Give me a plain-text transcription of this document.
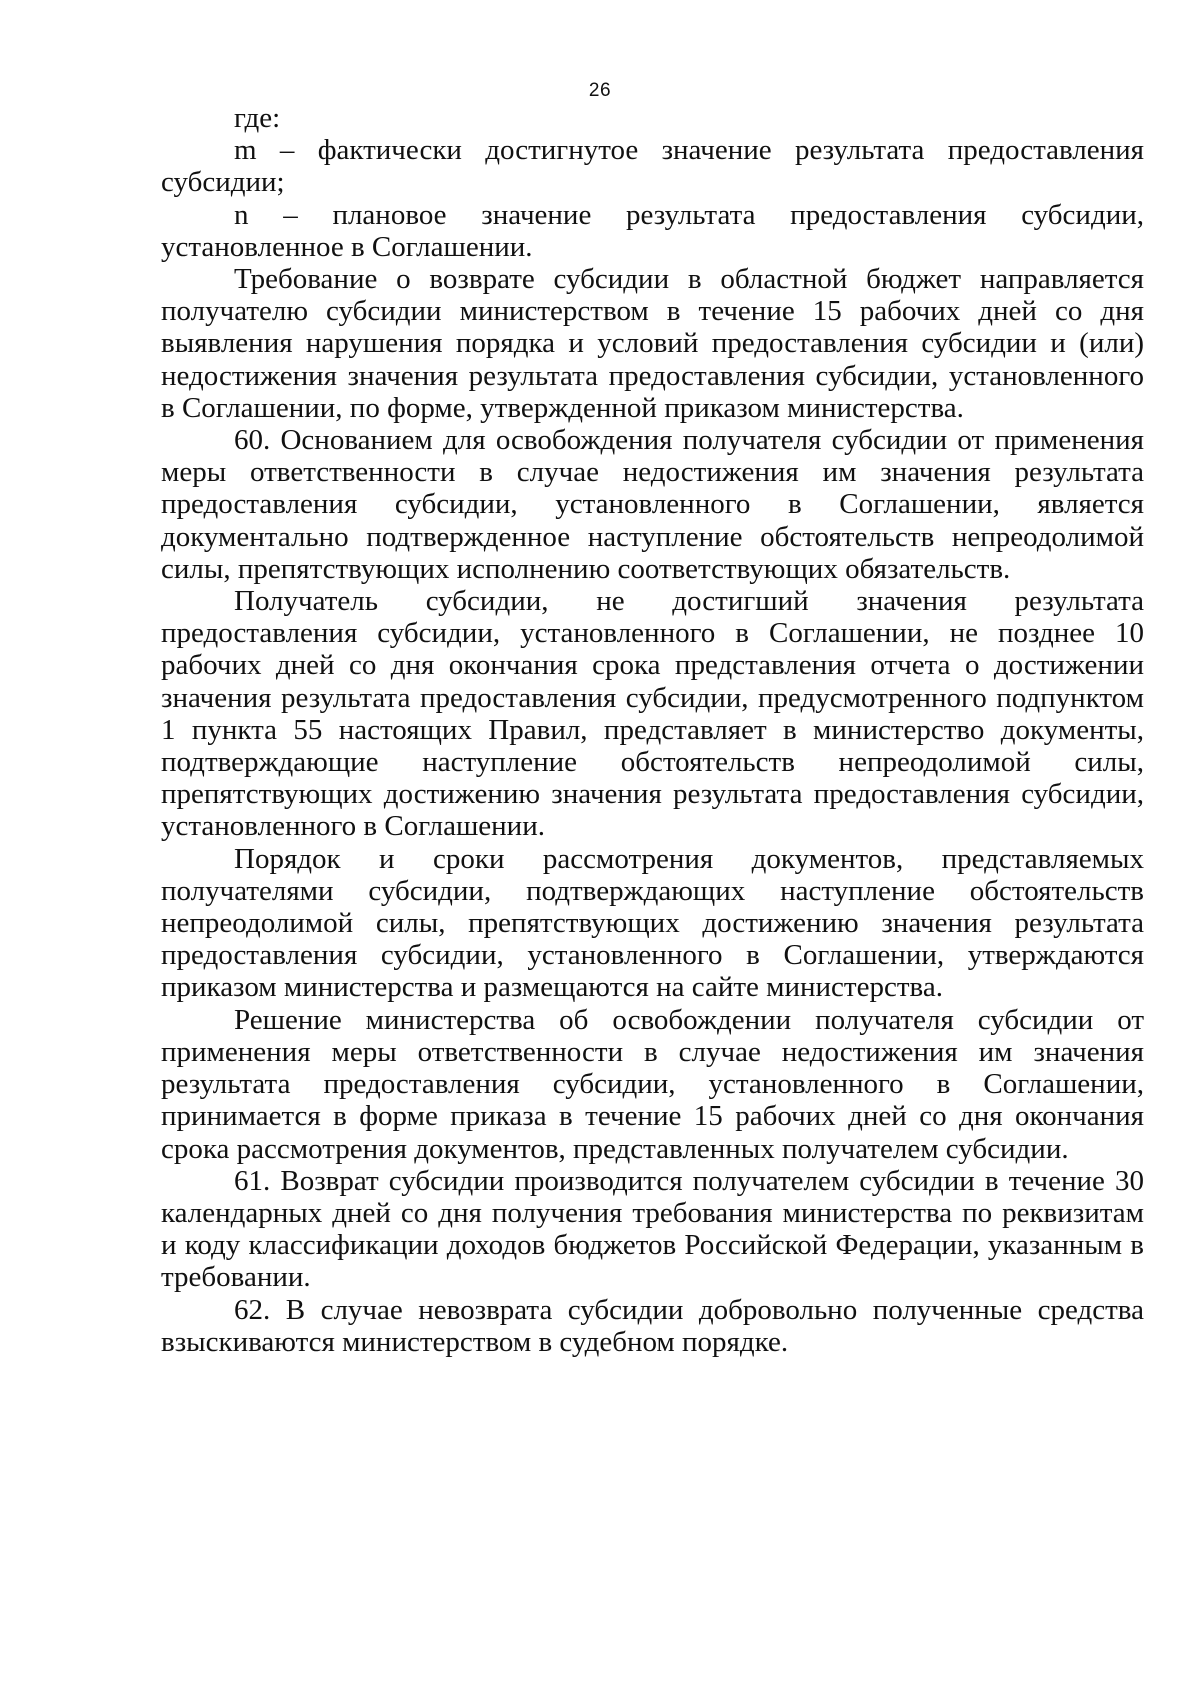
26

где:

m – фактически достигнутое значение результата предоставления субсидии;

n – плановое значение результата предоставления субсидии, установленное в Соглашении.

Требование о возврате субсидии в областной бюджет направляется получателю субсидии министерством в течение 15 рабочих дней со дня выявления нарушения порядка и условий предоставления субсидии и (или) недостижения значения результата предоставления субсидии, установленного в Соглашении, по форме, утвержденной приказом министерства.

60. Основанием для освобождения получателя субсидии от применения меры ответственности в случае недостижения им значения результата предоставления субсидии, установленного в Соглашении, является документально подтвержденное наступление обстоятельств непреодолимой силы, препятствующих исполнению соответствующих обязательств.

Получатель субсидии, не достигший значения результата предоставления субсидии, установленного в Соглашении, не позднее 10 рабочих дней со дня окончания срока представления отчета о достижении значения результата предоставления субсидии, предусмотренного подпунктом 1 пункта 55 настоящих Правил, представляет в министерство документы, подтверждающие наступление обстоятельств непреодолимой силы, препятствующих достижению значения результата предоставления субсидии, установленного в Соглашении.

Порядок и сроки рассмотрения документов, представляемых получателями субсидии, подтверждающих наступление обстоятельств непреодолимой силы, препятствующих достижению значения результата предоставления субсидии, установленного в Соглашении, утверждаются приказом министерства и размещаются на сайте министерства.

Решение министерства об освобождении получателя субсидии от применения меры ответственности в случае недостижения им значения результата предоставления субсидии, установленного в Соглашении, принимается в форме приказа в течение 15 рабочих дней со дня окончания срока рассмотрения документов, представленных получателем субсидии.

61. Возврат субсидии производится получателем субсидии в течение 30 календарных дней со дня получения требования министерства по реквизитам и коду классификации доходов бюджетов Российской Федерации, указанным в требовании.

62. В случае невозврата субсидии добровольно полученные средства взыскиваются министерством в судебном порядке.
